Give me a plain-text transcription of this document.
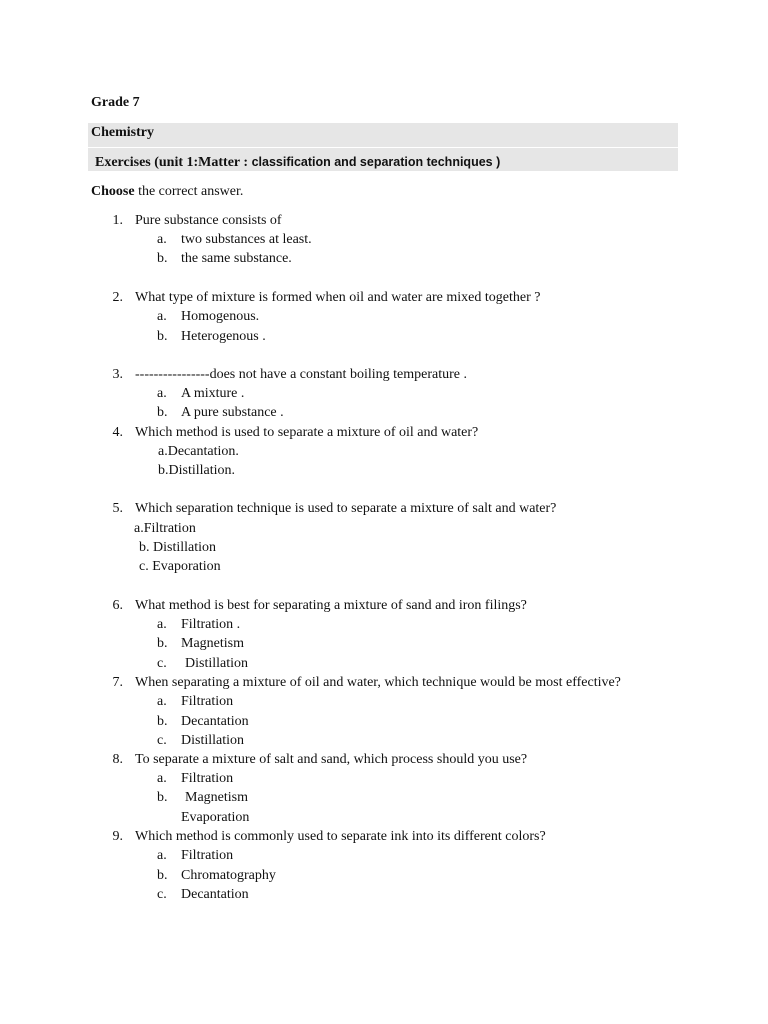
Grade 7
Chemistry
Exercises (unit 1:Matter : classification and separation techniques )
Choose the correct answer.
1. Pure substance consists of
a. two substances at least.
b. the same substance.
2. What type of mixture is formed when oil and water are mixed together ?
a. Homogenous.
b. Heterogenous .
3. ----------------does not have a constant boiling temperature .
a. A mixture .
b. A pure substance .
4. Which method is used to separate a mixture of oil and water?
a.Decantation.
b.Distillation.
5. Which separation technique is used to separate a mixture of salt and water?
a.Filtration
b. Distillation
c. Evaporation
6. What method is best for separating a mixture of sand and iron filings?
a. Filtration .
b. Magnetism
c. Distillation
7. When separating a mixture of oil and water, which technique would be most effective?
a. Filtration
b. Decantation
c. Distillation
8. To separate a mixture of salt and sand, which process should you use?
a. Filtration
b. Magnetism
Evaporation
9. Which method is commonly used to separate ink into its different colors?
a. Filtration
b. Chromatography
c. Decantation
